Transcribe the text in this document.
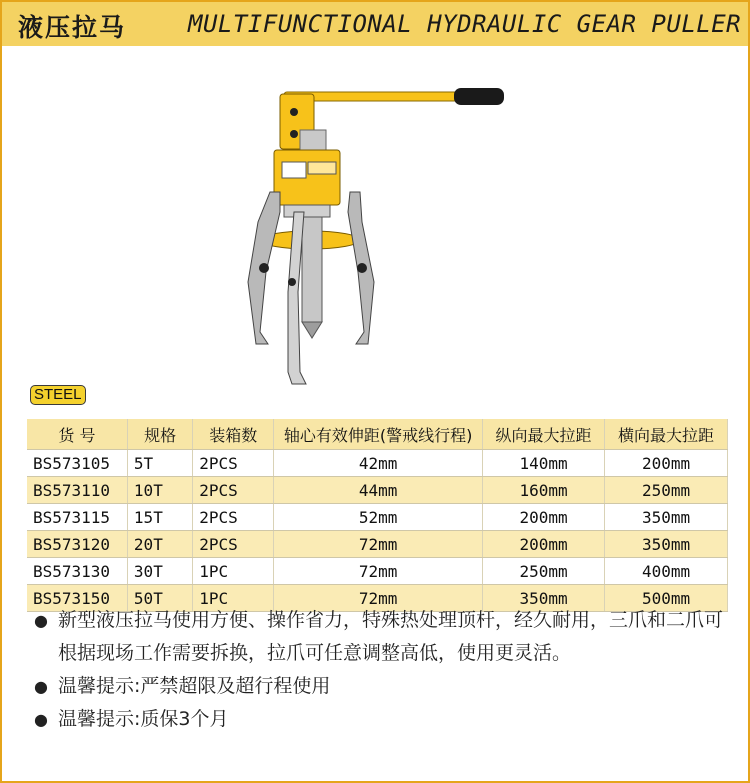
液压拉马	MULTIFUNCTIONAL HYDRAULIC GEAR PULLER
STEEL
货 号	规格	装箱数	轴心有效伸距(警戒线行程)	纵向最大拉距	横向最大拉距
BS573105	5T	2PCS	42mm	140mm	200mm
BS573110	10T	2PCS	44mm	160mm	250mm
BS573115	15T	2PCS	52mm	200mm	350mm
BS573120	20T	2PCS	72mm	200mm	350mm
BS573130	30T	1PC	72mm	250mm	400mm
BS573150	50T	1PC	72mm	350mm	500mm
● 新型液压拉马使用方便、操作省力，特殊热处理顶杆，经久耐用，三爪和二爪可根据现场工作需要拆换，拉爪可任意调整高低，使用更灵活。
● 温馨提示:严禁超限及超行程使用
● 温馨提示:质保3个月
